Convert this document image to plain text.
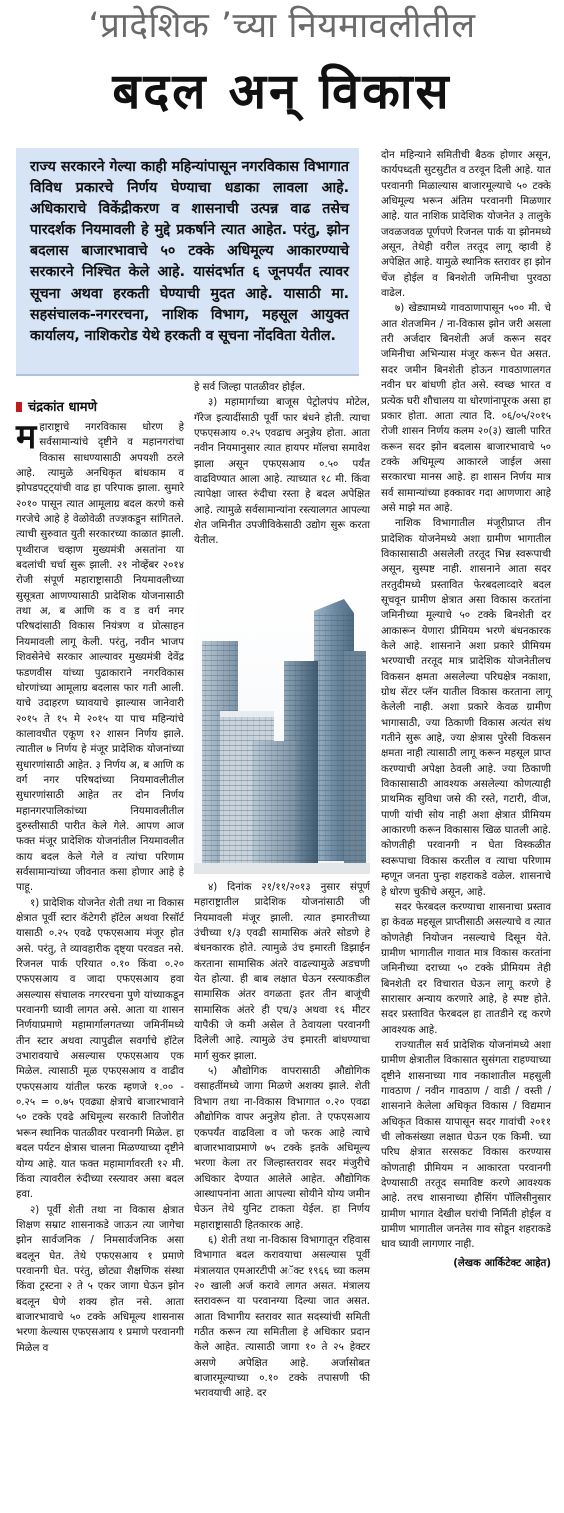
‘प्रादेशिक ’च्या नियमावलीतील
बदल अन् विकास

राज्य सरकारने गेल्या काही महिन्यांपासून नगरविकास विभागात विविध प्रकारचे निर्णय घेण्याचा धडाका लावला आहे. अधिकाराचे विकेंद्रीकरण व शासनाची उत्पन्न वाढ तसेच पारदर्शक नियमावली हे मुद्दे प्रकर्षाने त्यात आहेत. परंतु, झोन बदलास बाजारभावाचे ५० टक्के अधिमूल्य आकारण्याचे सरकारने निश्चित केले आहे. यासंदर्भात ६ जूनपर्यंत त्यावर सूचना अथवा हरकती घेण्याची मुदत आहे. यासाठी मा. सहसंचालक-नगररचना, नाशिक विभाग, महसूल आयुक्त कार्यालय, नाशिकरोड येथे हरकती व सूचना नोंदविता येतील.

चंद्रकांत धामणे

महाराष्ट्राचे नगरविकास धोरण हे सर्वसामान्यांचे दृष्टीने व महानगरांचा विकास साधण्यासाठी अपयशी ठरले आहे. त्यामुळे अनधिकृत बांधकाम व झोपडपट्ट्यांची वाढ हा परिपाक झाला. सुमारे २०१० पासून त्यात आमूलाग्र बदल करणे कसे गरजेचे आहे हे वेळोवेळी तज्ज्ञकडून सांगितले. त्याची सुरुवात युती सरकारच्या काळात झाली. पृथ्वीराज चव्हाण मुख्यमंत्री असतांना या बदलांची चर्चा सुरू झाली. २१ नोव्हेंबर २०१४ रोजी संपूर्ण महाराष्ट्रासाठी नियमावलीच्या सुसूत्रता आणण्यासाठी प्रादेशिक योजनासाठी तथा अ, ब आणि क व ड वर्ग नगर परिषदांसाठी विकास नियंत्रण व प्रोत्साहन नियमावली लागू केली. परंतु, नवीन भाजप शिवसेनेचे सरकार आल्यावर मुख्यमंत्री देवेंद्र फडणवीस यांच्या पुढाकाराने नगरविकास धोरणांच्या आमूलाग्र बदलास फार गती आली. याचे उदाहरण घ्यावयाचे झाल्यास जानेवारी २०१५ ते १५ मे २०१५ या पाच महिन्यांचे कालावधीत एकूण १२ शासन निर्णय झाले. त्यातील ७ निर्णय हे मंजूर प्रादेशिक योजनांच्या सुधारणांसाठी आहेत. ३ निर्णय अ, ब आणि क वर्ग नगर परिषदांच्या नियमावलीतील सुधारणांसाठी आहेत तर दोन निर्णय महानगरपालिकांच्या नियमावलीतील दुरुस्तीसाठी पारीत केले गेले. आपण आज फक्त मंजूर प्रादेशिक योजनांतील नियमावलीत काय बदल केले गेले व त्यांचा परिणाम सर्वसामान्यांच्या जीवनात कसा होणार आहे हे पाहू.

१) प्रादेशिक योजनेत शेती तथा ना विकास क्षेत्रात पूर्वी स्टार कॅटेगरी हॉटेल अथवा रिसॉर्ट यासाठी ०.२५ एवढे एफएसआय मंजूर होत असे. परंतु, ते व्यावहारीक दृष्ट्या परवडत नसे. रिजनल पार्क एरियात ०.१० किंवा ०.२० एफएसआय व जादा एफएसआय हवा असल्यास संचालक नगररचना पुणे यांच्याकडून परवानगी घ्यावी लागत असे. आता या शासन निर्णयाप्रमाणे महामार्गालगतच्या जमिनींमध्ये तीन स्टार अथवा त्यापुढील सवर्गाचे हॉटेल उभारावयाचे असल्यास एफएसआय एक मिळेल. त्यासाठी मूळ एफएसआय व वाढीव एफएसआय यांतील फरक म्हणजे १.०० - ०.२५ = ०.७५ एवढ्या क्षेत्राचे बाजारभावाने ५० टक्के एवढे अधिमूल्य सरकारी तिजोरीत भरून स्थानिक पातळीवर परवानगी मिळेल. हा बदल पर्यटन क्षेत्रास चालना मिळण्याच्या दृष्टीने योग्य आहे. यात फक्त महामार्गावरती १२ मी. किंवा त्यावरील रुंदीच्या रस्त्यावर असा बदल हवा.

२) पूर्वी शेती तथा ना विकास क्षेत्रात शिक्षण सम्राट शासनाकडे जाऊन त्या जागेचा झोन सार्वजनिक / निमसार्वजनिक असा बदलून घेत. तेथे एफएसआय १ प्रमाणे परवानगी घेत. परंतु, छोट्या शैक्षणिक संस्था किंवा ट्रस्टना २ ते ५ एकर जागा घेऊन झोन बदलून घेणे शक्य होत नसे. आता बाजारभावाचे ५० टक्के अधिमूल्य शासनास भरणा केल्यास एफएसआय १ प्रमाणे परवानगी मिळेल व

हे सर्व जिल्हा पातळीवर होईल.

३) महामार्गाच्या बाजूस पेट्रोलपंप मोटेल, गॅरेज इत्यादींसाठी पूर्वी फार बंधने होती. त्याचा एफएसआय ०.२५ एवढाच अनुज्ञेय होता. आता नवीन नियमानुसार त्यात हायपर मॉलचा समावेश झाला असून एफएसआय ०.५० पर्यंत वाढविण्यात आला आहे. त्याच्यात १८ मी. किंवा त्यापेक्षा जास्त रुंदीचा रस्ता हे बदल अपेक्षित आहे. त्यामुळे सर्वसामान्यांना रस्त्यालगत आपल्या शेत जमिनीत उपजीविकेसाठी उद्योग सुरू करता येतील.

४) दिनांक २१/११/२०१३ नुसार संपूर्ण महाराष्ट्रातील प्रादेशिक योजनांसाठी जी नियमावली मंजूर झाली. त्यात इमारतीच्या उंचीच्या १/३ एवढी सामासिक अंतरे सोडणे हे बंधनकारक होते. त्यामुळे उंच इमारती डिझाईन करताना सामासिक अंतरे वाढल्यामुळे अडचणी येत होत्या. ही बाब लक्षात घेऊन रस्त्याकडील सामासिक अंतर वगळता इतर तीन बाजूंची सामासिक अंतरे ही एच/३ अथवा १६ मीटर यापैकी जे कमी असेल ते ठेवायला परवानगी दिलेली आहे. त्यामुळे उंच इमारती बांधण्याचा मार्ग सुकर झाला.

५) औद्योगिक वापरासाठी औद्योगिक वसाहतींमध्ये जागा मिळणे अशक्य झाले. शेती विभाग तथा ना-विकास विभागात ०.२० एवढा औद्योगिक वापर अनुज्ञेय होता. ते एफएसआय एकपर्यंत वाढविला व जो फरक आहे त्याचे बाजारभावाप्रमाणे ७५ टक्के इतके अधिमूल्य भरणा केला तर जिल्हास्तरावर सदर मंजुरीचे अधिकार देण्यात आलेले आहेत. औद्योगिक आस्थापनांना आता आपल्या सोयीने योग्य जमीन घेऊन तेथे युनिट टाकता येईल. हा निर्णय महाराष्ट्रासाठी हितकारक आहे.

६) शेती तथा ना-विकास विभागातून रहिवास विभागात बदल करावयाचा असल्यास पूर्वी मंत्रालयात एमआरटीपी अॅक्ट १९६६ च्या कलम २० खाली अर्ज करावे लागत असत. मंत्रालय स्तरावरून या परवानग्या दिल्या जात असत. आता विभागीय स्तरावर सात सदस्यांची समिती गठीत करून त्या समितीला हे अधिकार प्रदान केले आहेत. त्यासाठी जागा १० ते २५ हेक्टर असणे अपेक्षित आहे. अर्जासोबत बाजारमूल्याच्या ०.१० टक्के तपासणी फी भरावयाची आहे. दर

दोन महिन्याने समितीची बैठक होणार असून, कार्यपध्दती सुटसुटीत व ठरवून दिली आहे. यात परवानगी मिळाल्यास बाजारमूल्याचे ५० टक्के अधिमूल्य भरून अंतिम परवानगी मिळणार आहे. यात नाशिक प्रादेशिक योजनेत ३ तालुके जवळजवळ पूर्णपणे रिजनल पार्क या झोनमध्ये असून, तेथेही वरील तरतूद लागू व्हावी हे अपेक्षित आहे. यामुळे स्थानिक स्तरावर हा झोन चेंज होईल व बिनशेती जमिनीचा पुरवठा वाढेल.

७) खेड्यामध्ये गावठाणापासून ५०० मी. चे आत शेतजमिन / ना-विकास झोन जरी असला तरी अर्जदार बिनशेती अर्ज करून सदर जमिनीचा अभिन्यास मंजूर करून घेत असत. सदर जमीन बिनशेती होऊन गावठाणालगत नवीन घर बांधणी होत असे. स्वच्छ भारत व प्रत्येक घरी शौचालय या धोरणांनापूरक असा हा प्रकार होता. आता त्यात दि. ०६/०५/२०१५ रोजी शासन निर्णय कलम २०(३) खाली पारित करून सदर झोन बदलास बाजारभावाचे ५० टक्के अधिमूल्य आकारले जाईल असा सरकारचा मानस आहे. हा शासन निर्णय मात्र सर्व सामान्यांच्या हक्कावर गदा आणणारा आहे असे माझे मत आहे.

नाशिक विभागातील मंजूरीप्राप्त तीन प्रादेशिक योजनेमध्ये अशा ग्रामीण भागातील विकासासाठी असलेली तरतूद भिन्न स्वरूपाची असून, सुस्पष्ट नाही. शासनाने आता सदर तरतुदीमध्ये प्रस्तावित फेरबदलाव्दारे बदल सूचवून ग्रामीण क्षेत्रात असा विकास करतांना जमिनीच्या मूल्याचे ५० टक्के बिनशेती दर आकारून येणारा प्रीमियम भरणे बंधनकारक केले आहे. शासनाने अशा प्रकारे प्रीमियम भरण्याची तरतूद मात्र प्रादेशिक योजनेतीलच विकसन क्षमता असलेल्या परिघक्षेत्र नकाशा, ग्रोथ सेंटर प्लॅन यातील विकास करताना लागू केलेली नाही. अशा प्रकारे केवळ ग्रामीण भागासाठी, ज्या ठिकाणी विकास अत्यंत संथ गतीने सुरू आहे, ज्या क्षेत्रास पुरेसी विकसन क्षमता नाही त्यासाठी लागू करून महसूल प्राप्त करण्याची अपेक्षा ठेवली आहे. ज्या ठिकाणी विकासासाठी आवश्यक असलेल्या कोणत्याही प्राथमिक सुविधा जसे की रस्ते, गटारी, वीज, पाणी यांची सोय नाही अशा क्षेत्रात प्रीमियम आकारणी करून विकासास खिळ घातली आहे. कोणतीही परवानगी न घेता विस्कळीत स्वरूपाचा विकास करतील व त्याचा परिणाम म्हणून जनता पुन्हा शहराकडे वळेल. शासनाचे हे धोरण चुकीचे असून, आहे.

सदर फेरबदल करण्याचा शासनाचा प्रस्ताव हा केवळ महसूल प्राप्तीसाठी असल्याचे व त्यात कोणतेही नियोजन नसल्याचे दिसून येते. ग्रामीण भागातील गावात मात्र विकास करतांना जमिनीच्या दराच्या ५० टक्के प्रीमियम तेही बिनशेती दर विचारात घेऊन लागू करणे हे सारासार अन्याय करणारे आहे, हे स्पष्ट होते. सदर प्रस्तावित फेरबदल हा तातडीने रद्द करणे आवश्यक आहे.

राज्यातील सर्व प्रादेशिक योजनांमध्ये अशा ग्रामीण क्षेत्रातील विकासात सुसंगता राहण्याच्या दृष्टीने शासनाच्या गाव नकाशातील महसुली गावठाण / नवीन गावठाण / वाडी / वस्ती / शासनाने केलेला अधिकृत विकास / विद्यमान अधिकृत विकास यापासून सदर गावांची २०११ ची लोकसंख्या लक्षात घेऊन एक किमी. च्या परिघ क्षेत्रात सरसकट विकास करण्यास कोणताही प्रीमियम न आकारता परवानगी देण्यासाठी तरतूद समाविष्ट करणे आवश्यक आहे. तरच शासनाच्या हौसिंग पॉलिसीनुसार ग्रामीण भागात देखील घरांची निर्मिती होईल व ग्रामीण भागातील जनतेस गाव सोडून शहराकडे धाव घ्यावी लागणार नाही.

(लेखक आर्किटेक्ट आहेत)
